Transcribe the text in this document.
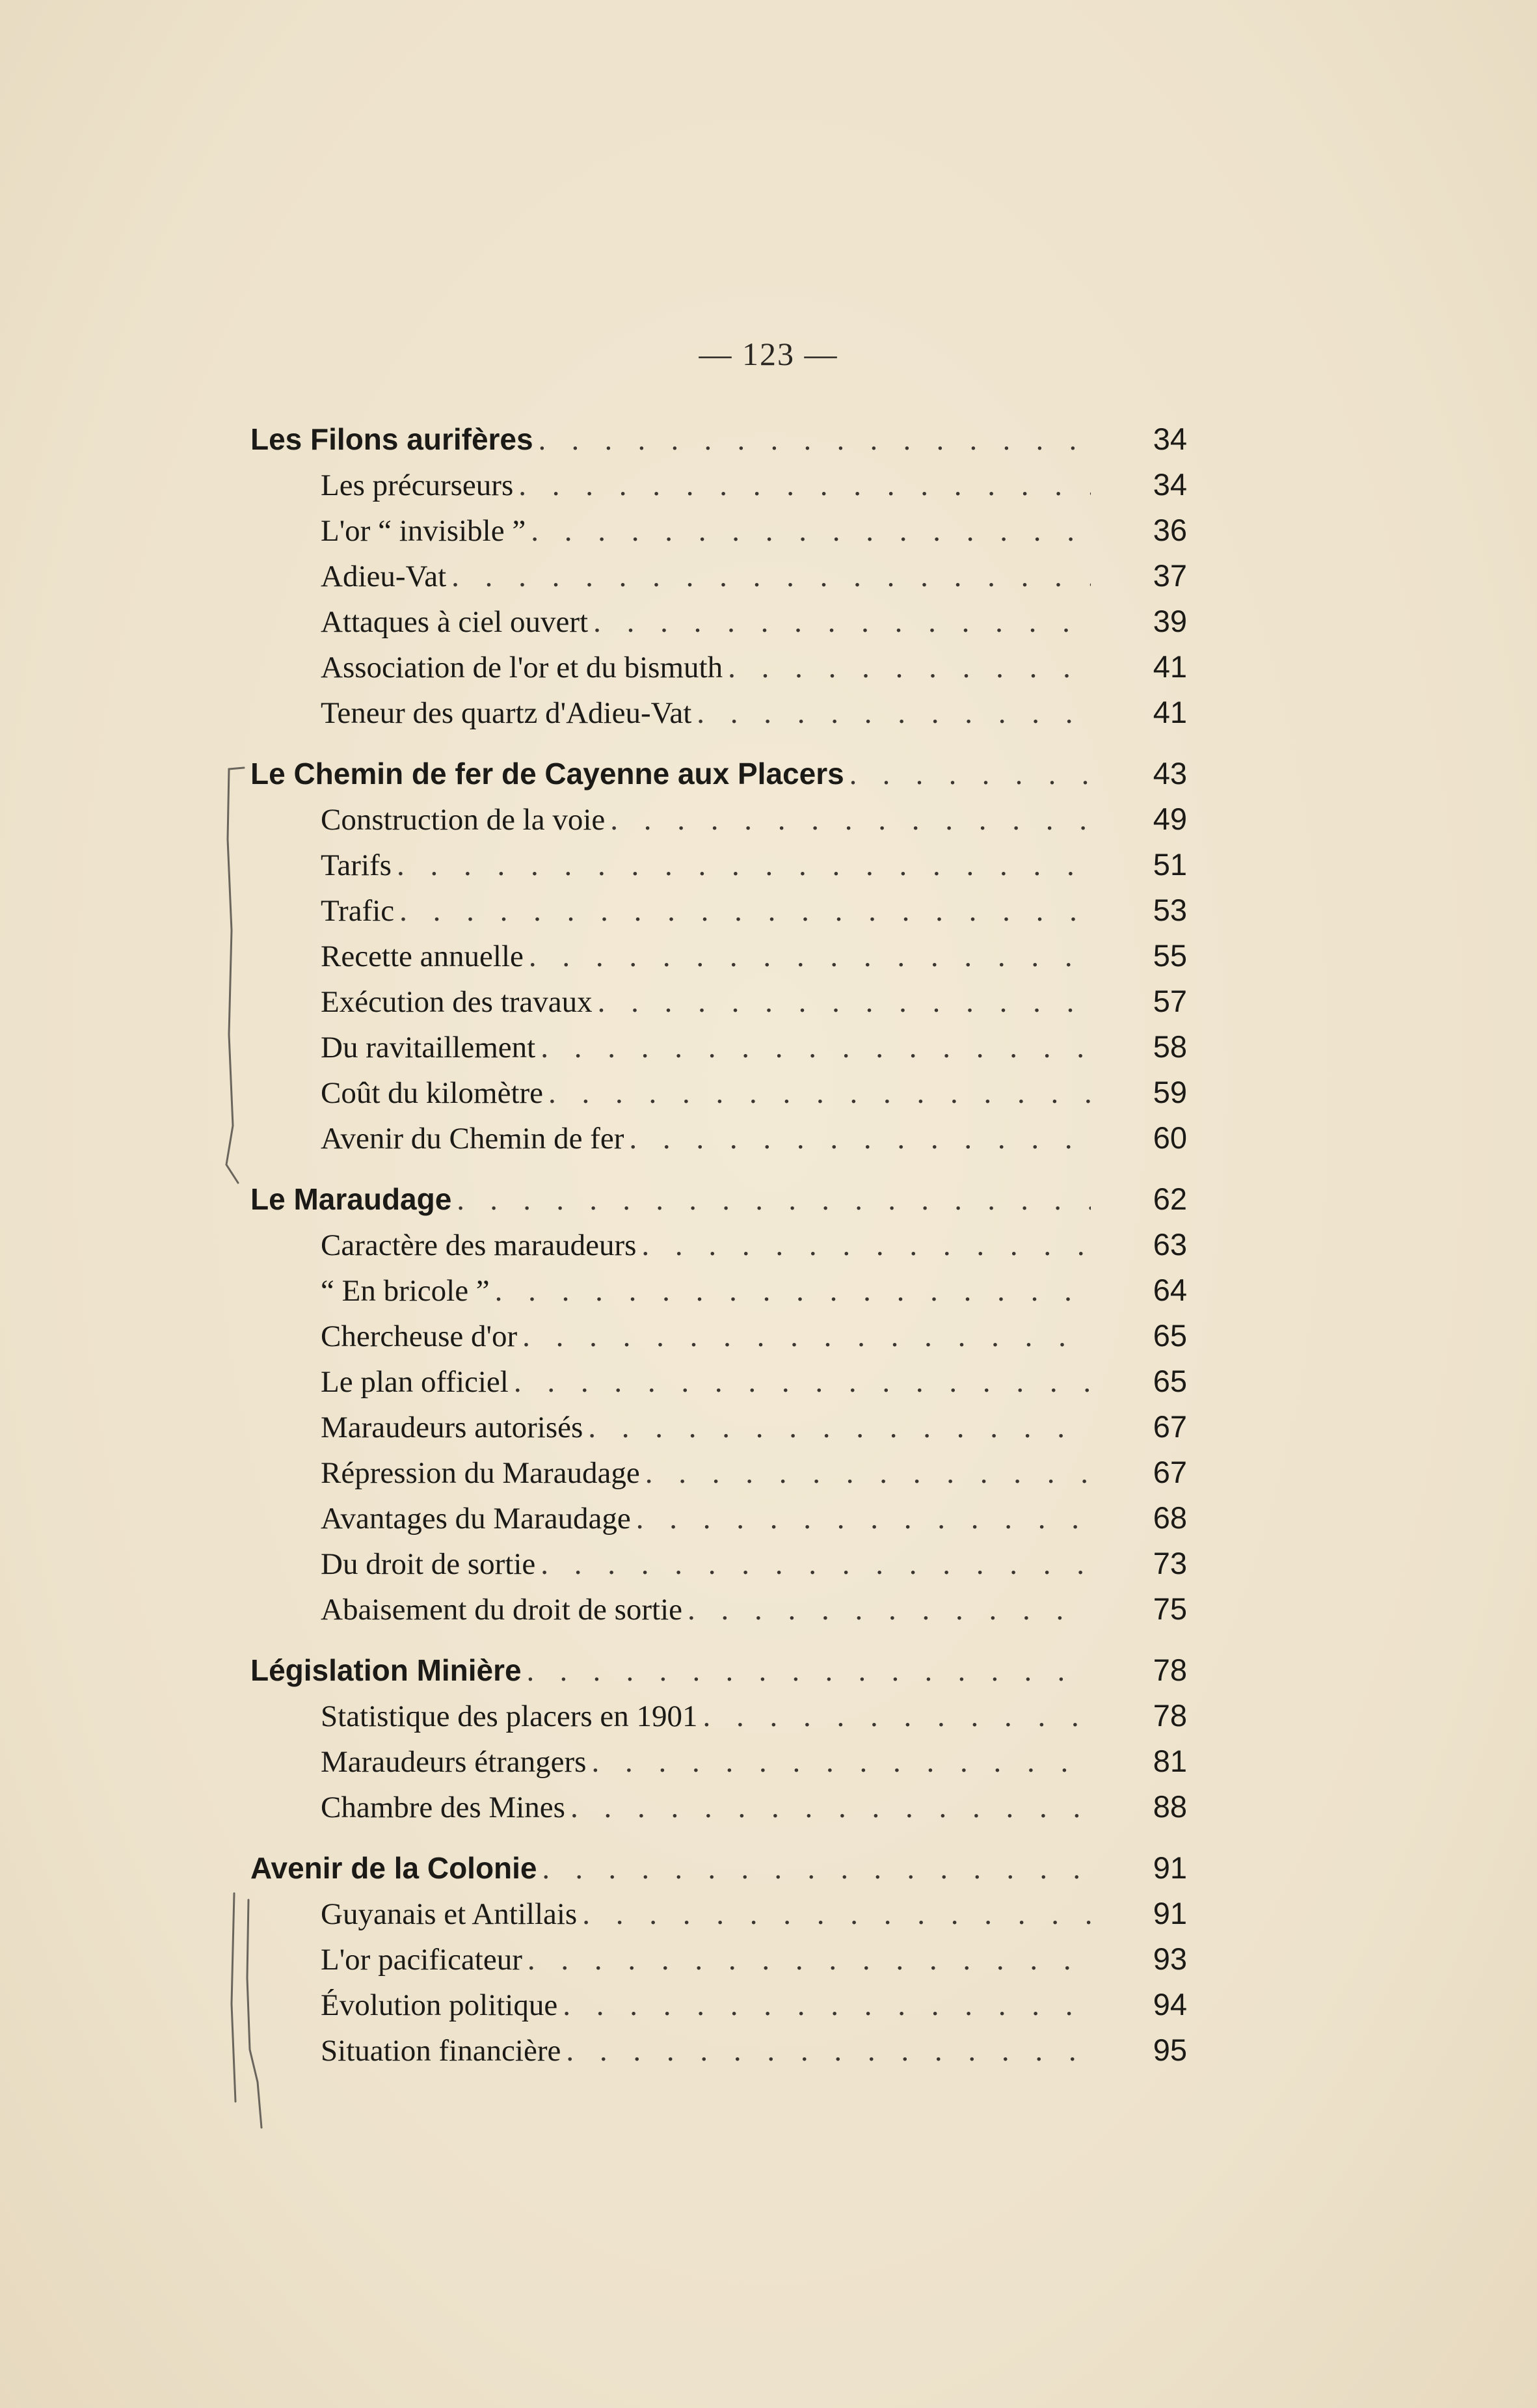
— 123 —
Les Filons aurifères . . .	34
Les précurseurs . . .	34
L'or “ invisible ” . . .	36
Adieu-Vat . . .	37
Attaques à ciel ouvert . . .	39
Association de l'or et du bismuth . . .	41
Teneur des quartz d'Adieu-Vat . . .	41
Le Chemin de fer de Cayenne aux Placers . . .	43
Construction de la voie . . .	49
Tarifs . . .	51
Trafic . . .	53
Recette annuelle . . .	55
Exécution des travaux . . .	57
Du ravitaillement . . .	58
Coût du kilomètre . . .	59
Avenir du Chemin de fer . . .	60
Le Maraudage . . .	62
Caractère des maraudeurs . . .	63
“ En bricole ” . . .	64
Chercheuse d'or . . .	65
Le plan officiel . . .	65
Maraudeurs autorisés . . .	67
Répression du Maraudage . . .	67
Avantages du Maraudage . . .	68
Du droit de sortie . . .	73
Abaisement du droit de sortie . . .	75
Législation Minière . . .	78
Statistique des placers en 1901 . . .	78
Maraudeurs étrangers . . .	81
Chambre des Mines . . .	88
Avenir de la Colonie . . .	91
Guyanais et Antillais . . .	91
L'or pacificateur . . .	93
Évolution politique . . .	94
Situation financière . . .	95
